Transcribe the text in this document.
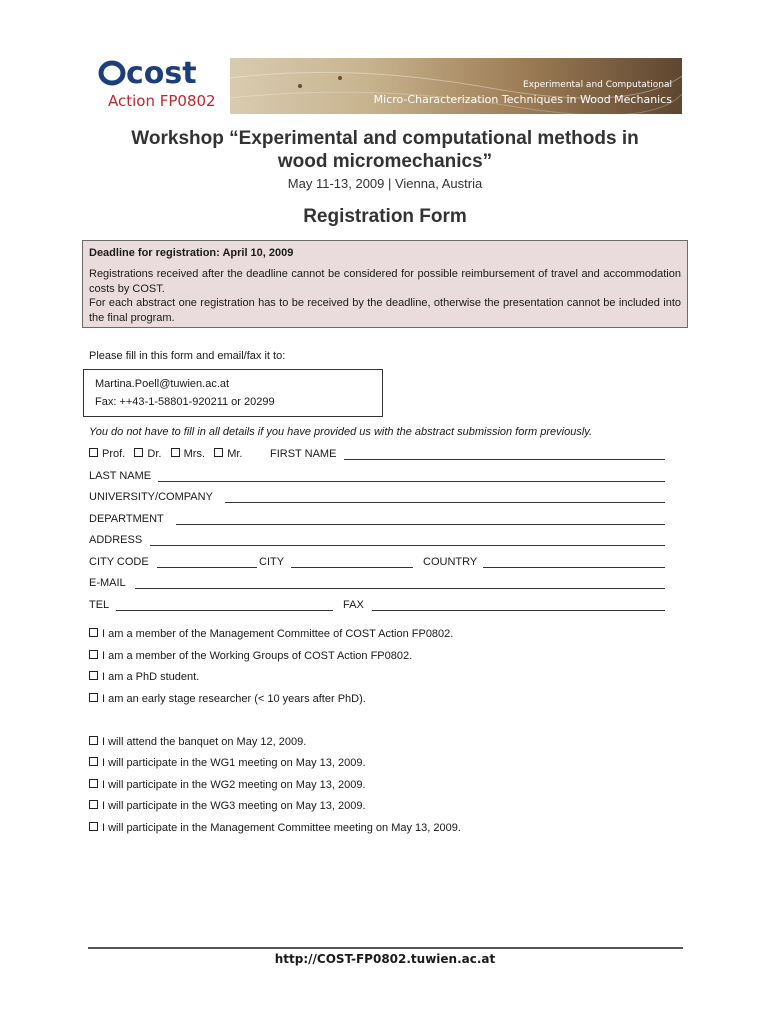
cost
Action FP0802
Experimental and Computational
Micro-Characterization Techniques in Wood Mechanics
Workshop “Experimental and computational methods in
wood micromechanics”
May 11-13, 2009 | Vienna, Austria
Registration Form
Deadline for registration: April 10, 2009
Registrations received after the deadline cannot be considered for possible reimbursement of travel and accommodation costs by COST.
For each abstract one registration has to be received by the deadline, otherwise the presentation cannot be included into the final program.
Please fill in this form and email/fax it to:
Martina.Poell@tuwien.ac.at
Fax: ++43-1-58801-920211 or 20299
You do not have to fill in all details if you have provided us with the abstract submission form previously.
Prof. Dr. Mrs. Mr.	FIRST NAME
LAST NAME
UNIVERSITY/COMPANY
DEPARTMENT
ADDRESS
CITY CODE	CITY	COUNTRY
E-MAIL
TEL	FAX
I am a member of the Management Committee of COST Action FP0802.
I am a member of the Working Groups of COST Action FP0802.
I am a PhD student.
I am an early stage researcher (< 10 years after PhD).
I will attend the banquet on May 12, 2009.
I will participate in the WG1 meeting on May 13, 2009.
I will participate in the WG2 meeting on May 13, 2009.
I will participate in the WG3 meeting on May 13, 2009.
I will participate in the Management Committee meeting on May 13, 2009.
http://COST-FP0802.tuwien.ac.at
